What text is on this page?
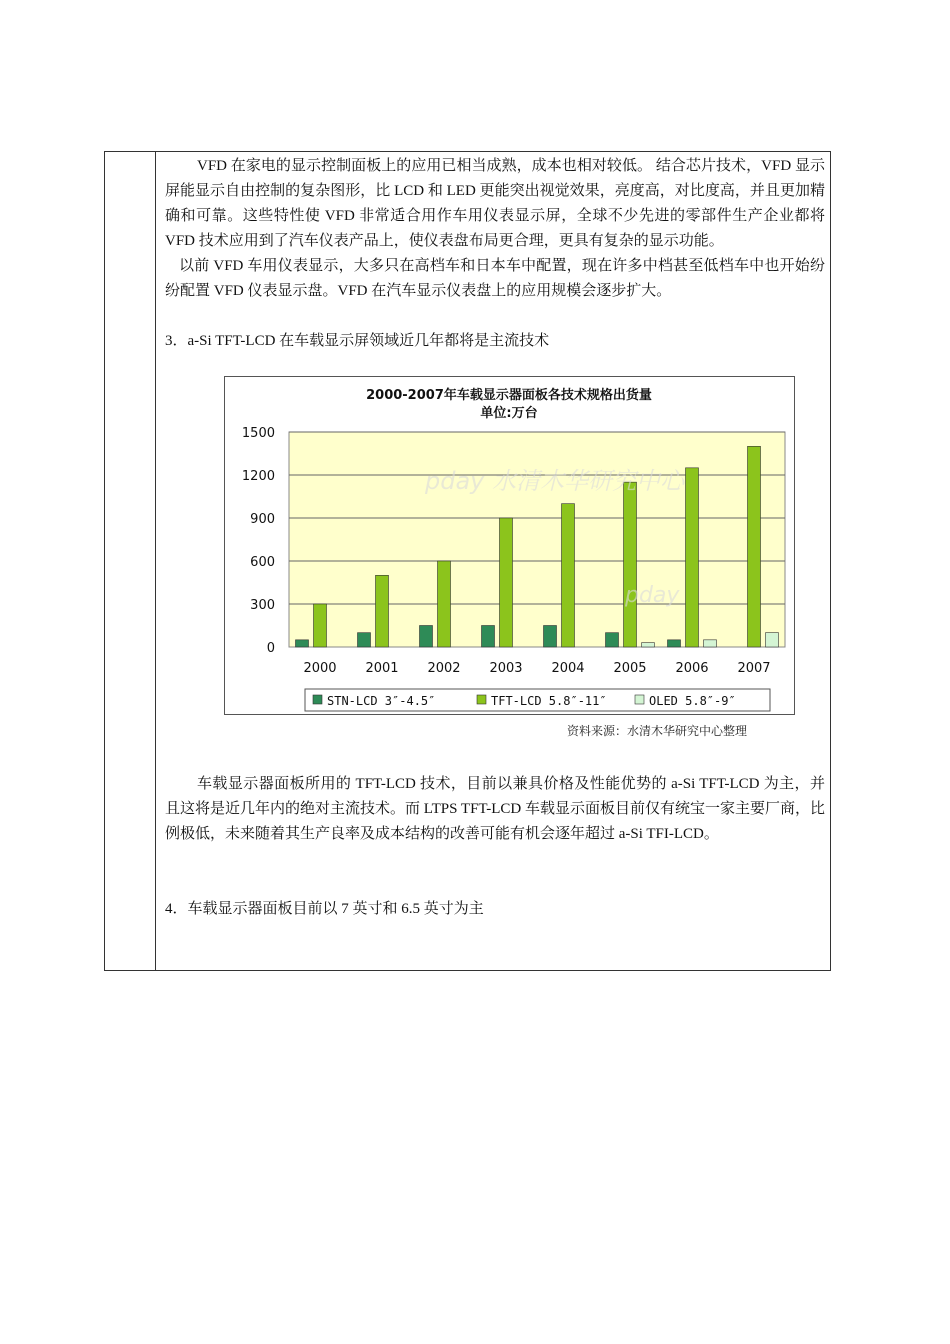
VFD 在家电的显示控制面板上的应用已相当成熟，成本也相对较低。 结合芯片技术，VFD 显示屏能显示自由控制的复杂图形，比 LCD 和 LED 更能突出视觉效果，亮度高，对比度高，并且更加精确和可靠。这些特性使 VFD 非常适合用作车用仪表显示屏，全球不少先进的零部件生产企业都将 VFD 技术应用到了汽车仪表产品上，使仪表盘布局更合理，更具有复杂的显示功能。

以前 VFD 车用仪表显示，大多只在高档车和日本车中配置，现在许多中档甚至低档车中也开始纷纷配置 VFD 仪表显示盘。VFD 在汽车显示仪表盘上的应用规模会逐步扩大。

3．a-Si TFT-LCD 在车载显示屏领域近几年都将是主流技术

2000-2007年车载显示器面板各技术规格出货量
单位:万台
0
300
600
900
1200
1500
2000 2001 2002 2003 2004 2005 2006 2007
STN-LCD 3″-4.5″	TFT-LCD 5.8″-11″	OLED 5.8″-9″
pday 水清木华研究中心
pday
资料来源：水清木华研究中心整理

车载显示器面板所用的 TFT-LCD 技术，目前以兼具价格及性能优势的 a-Si TFT-LCD 为主，并且这将是近几年内的绝对主流技术。而 LTPS TFT-LCD 车载显示面板目前仅有统宝一家主要厂商，比例极低，未来随着其生产良率及成本结构的改善可能有机会逐年超过 a-Si TFI-LCD。

4．车载显示器面板目前以 7 英寸和 6.5 英寸为主
